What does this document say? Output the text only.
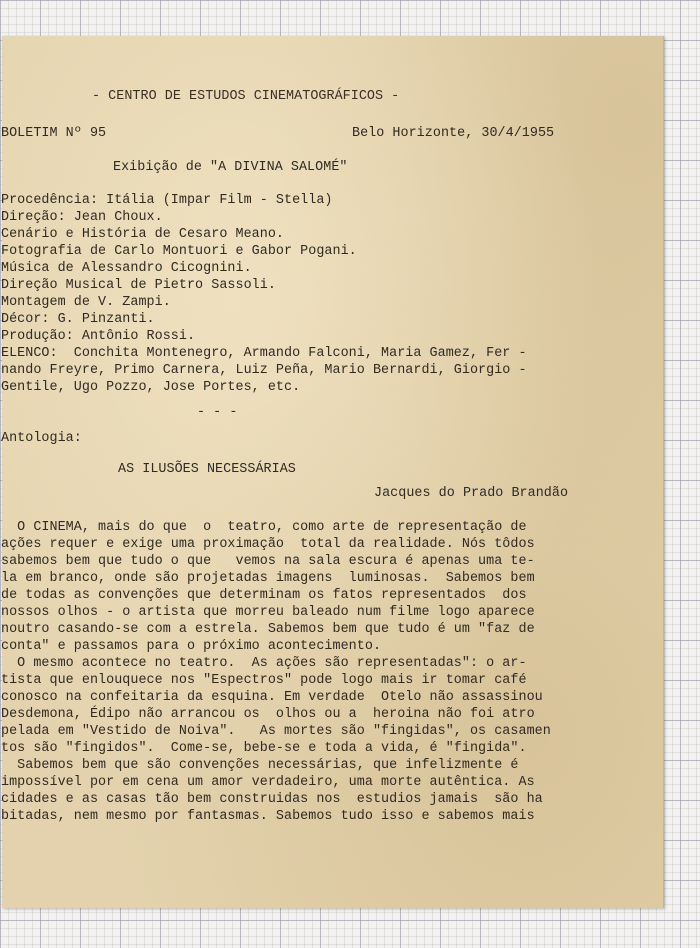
- CENTRO DE ESTUDOS CINEMATOGRÁFICOS -

BOLETIM Nº 95	Belo Horizonte, 30/4/1955

Exibição de "A DIVINA SALOMÉ"

Procedência: Itália (Impar Film - Stella)

Direção: Jean Choux.

Cenário e História de Cesaro Meano.

Fotografia de Carlo Montuori e Gabor Pogani.

Música de Alessandro Cicognini.

Direção Musical de Pietro Sassoli.

Montagem de V. Zampi.

Décor: G. Pinzanti.

Produção: Antônio Rossi.

ELENCO:  Conchita Montenegro, Armando Falconi, Maria Gamez, Fer -

nando Freyre, Primo Carnera, Luiz Peña, Mario Bernardi, Giorgio -

Gentile, Ugo Pozzo, Jose Portes, etc.

- - -

Antologia:

AS ILUSÕES NECESSÁRIAS

Jacques do Prado Brandão

O CINEMA, mais do que  o  teatro, como arte de representação de

ações requer e exige uma proximação  total da realidade. Nós tôdos

sabemos bem que tudo o que   vemos na sala escura é apenas uma te-

la em branco, onde são projetadas imagens  luminosas.  Sabemos bem

de todas as convenções que determinam os fatos representados  dos

nossos olhos - o artista que morreu baleado num filme logo aparece

noutro casando-se com a estrela. Sabemos bem que tudo é um "faz de

conta" e passamos para o próximo acontecimento.

O mesmo acontece no teatro.  As ações são representadas": o ar-

tista que enlouquece nos "Espectros" pode logo mais ir tomar café

conosco na confeitaria da esquina. Em verdade  Otelo não assassinou

Desdemona, Édipo não arrancou os  olhos ou a  heroina não foi atro

pelada em "Vestido de Noiva".   As mortes são "fingidas", os casamen

tos são "fingidos".  Come-se, bebe-se e toda a vida, é "fingida".

Sabemos bem que são convenções necessárias, que infelizmente é

impossível por em cena um amor verdadeiro, uma morte autêntica. As

cidades e as casas tão bem construidas nos  estudios jamais  são ha

bitadas, nem mesmo por fantasmas. Sabemos tudo isso e sabemos mais
